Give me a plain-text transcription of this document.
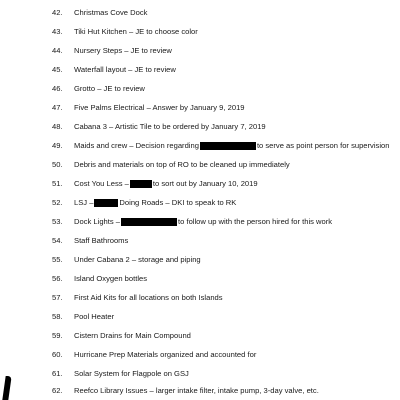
42.	Christmas Cove Dock
43.	Tiki Hut Kitchen – JE to choose color
44.	Nursery Steps – JE to review
45.	Waterfall layout – JE to review
46.	Grotto – JE to review
47.	Five Palms Electrical – Answer by January 9, 2019
48.	Cabana 3 – Artistic Tile to be ordered by January 7, 2019
49.	Maids and crew – Decision regarding	to serve as point person for supervision
50.	Debris and materials on top of RO to be cleaned up immediately
51.	Cost You Less –	to sort out by January 10, 2019
52.	LSJ –	Doing Roads – DKI to speak to RK
53.	Dock Lights –	to follow up with the person hired for this work
54.	Staff Bathrooms
55.	Under Cabana 2 – storage and piping
56.	Island Oxygen bottles
57.	First Aid Kits for all locations on both Islands
58.	Pool Heater
59.	Cistern Drains for Main Compound
60.	Hurricane Prep Materials organized and accounted for
61.	Solar System for Flagpole on GSJ
62.	Reefco Library Issues – larger intake filter, intake pump, 3-day valve, etc.
